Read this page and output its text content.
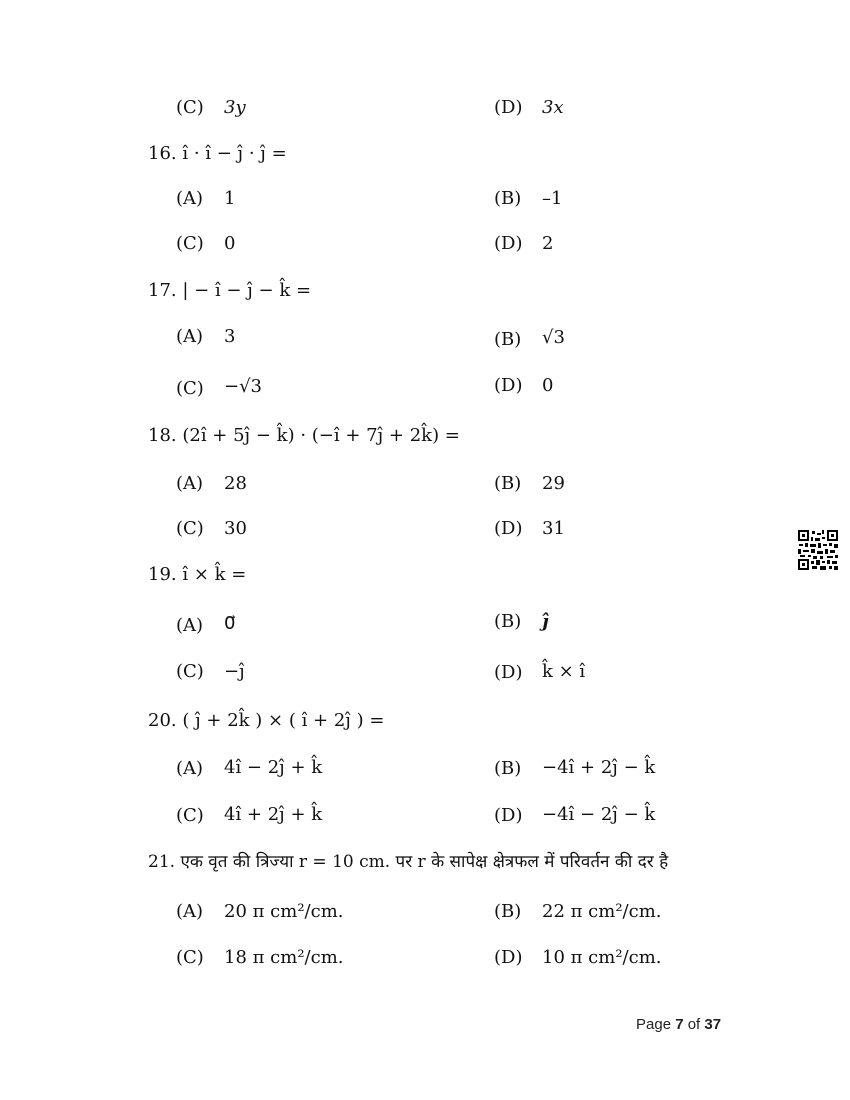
(C) 3y	(D) 3x
16. î · î − ĵ · ĵ =
(A) 1	(B) –1
(C) 0	(D) 2
17. | − î − ĵ − k̂ =
(A) 3	(B) √3
(C) −√3	(D) 0
18. (2î + 5ĵ − k̂) · (−î + 7ĵ + 2k̂) =
(A) 28	(B) 29
(C) 30	(D) 31
19. î × k̂ =
(A) 0⃗	(B) ĵ
(C) −ĵ	(D) k̂ × î
20. ( ĵ + 2k̂ ) × ( î + 2ĵ ) =
(A) 4î − 2ĵ + k̂	(B) −4î + 2ĵ − k̂
(C) 4î + 2ĵ + k̂	(D) −4î − 2ĵ − k̂
21. एक वृत की त्रिज्या r = 10 cm. पर r के सापेक्ष क्षेत्रफल में परिवर्तन की दर है
(A) 20 π cm²/cm.	(B) 22 π cm²/cm.
(C) 18 π cm²/cm.	(D) 10 π cm²/cm.
Page 7 of 37
